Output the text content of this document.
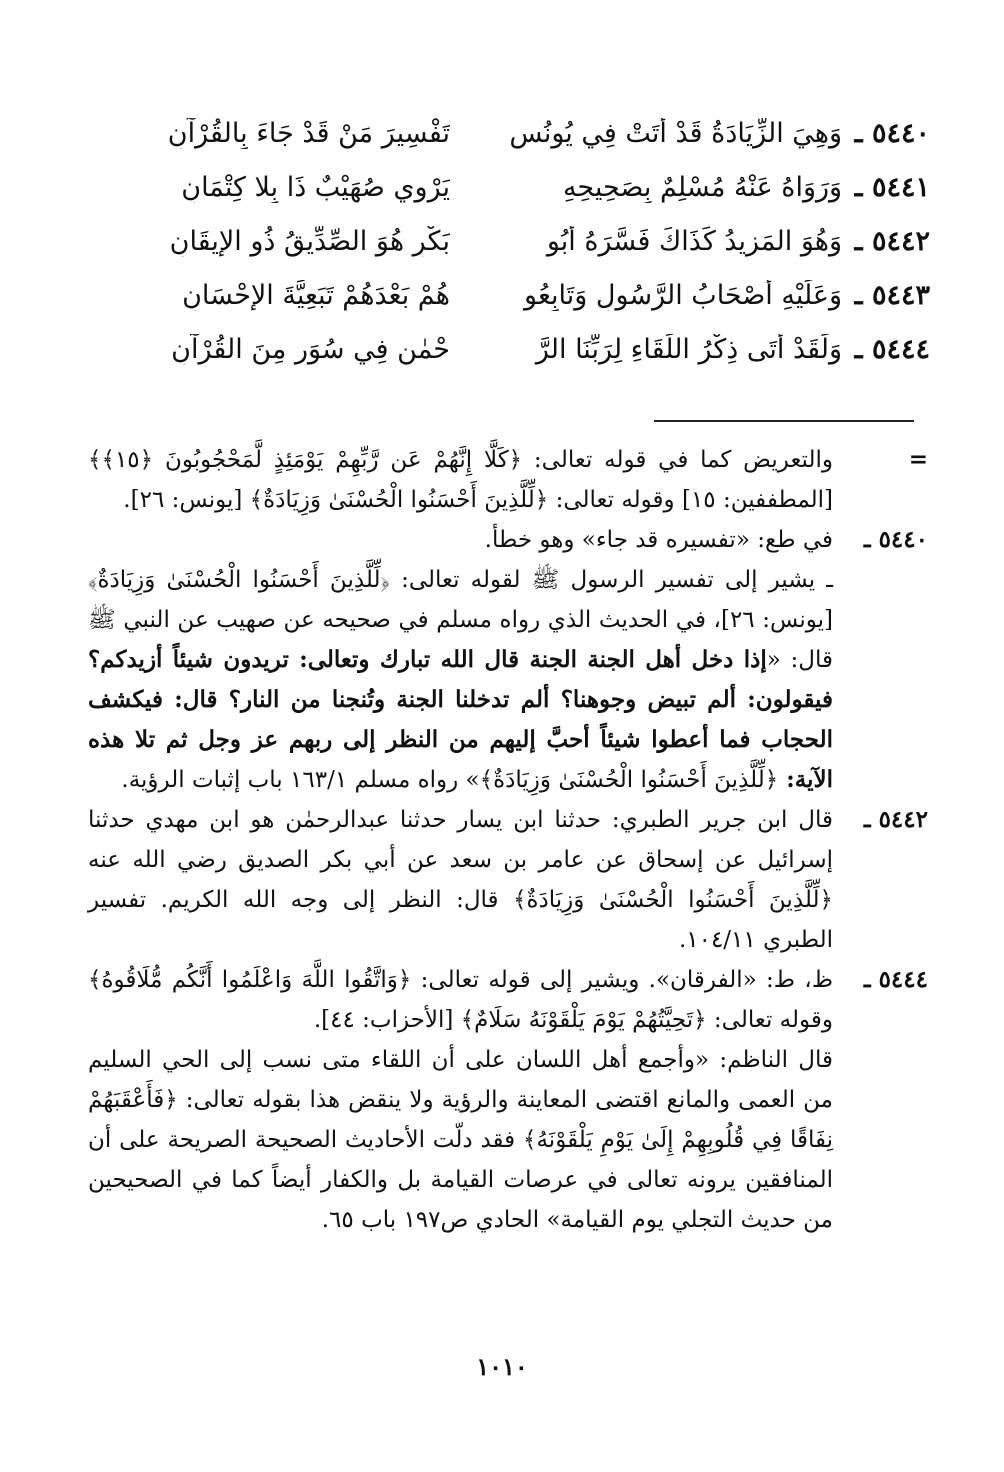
٥٤٤٠ ـ وَهِيَ الزِّيَادَةُ قَدْ أَتَتْ فِي يُونُسٍ
تَفْسِيرَ مَنْ قَدْ جَاءَ بِالقُرْآنِ
٥٤٤١ ـ وَرَوَاهُ عَنْهُ مُسْلِمٌ بِصَحِيحِهِ
يَرْوِي صُهَيْبٌ ذَا بِلا كِتْمَانِ
٥٤٤٢ ـ وَهُوَ المَزِيدُ كَذَاكَ فَسَّرَهُ أَبُو
بَكْرٍ هُوَ الصِّدِّيقُ ذُو الإِيقَانِ
٥٤٤٣ ـ وَعَلَيْهِ أَصْحَابُ الرَّسُولِ وَتَابِعُو
هُمْ بَعْدَهُمْ تَبَعِيَّةَ الإِحْسَانِ
٥٤٤٤ ـ وَلَقَدْ أَتَى ذِكْرُ اللِّقَاءِ لِرَبِّنَا الرَّ
حْمٰنِ فِي سُوَرٍ مِنَ القُرْآنِ
=

والتعريض كما في قوله تعالى: ﴿كَلَّا إِنَّهُمْ عَن رَّبِّهِمْ يَوْمَئِذٍ لَّمَحْجُوبُونَ ﴿١٥﴾﴾ [المطففين: ١٥] وقوله تعالى: ﴿لِّلَّذِينَ أَحْسَنُوا الْحُسْنَىٰ وَزِيَادَةٌ﴾ [يونس: ٢٦].

٥٤٤٠ ـ

في طع: «تفسيره قد جاء» وهو خطأ.

ـ يشير إلى تفسير الرسول ﷺ لقوله تعالى: ﴿لِّلَّذِينَ أَحْسَنُوا الْحُسْنَىٰ وَزِيَادَةٌ﴾ [يونس: ٢٦]، في الحديث الذي رواه مسلم في صحيحه عن صهيب عن النبي ﷺ قال: «إذا دخل أهل الجنة الجنة قال الله تبارك وتعالى: تريدون شيئاً أزيدكم؟ فيقولون: ألم تبيض وجوهنا؟ ألم تدخلنا الجنة وتُنجنا من النار؟ قال: فيكشف الحجاب فما أعطوا شيئاً أحبَّ إليهم من النظر إلى ربهم عز وجل ثم تلا هذه الآية: ﴿لِّلَّذِينَ أَحْسَنُوا الْحُسْنَىٰ وَزِيَادَةٌ﴾» رواه مسلم ١٦٣/١ باب إثبات الرؤية.

٥٤٤٢ ـ

قال ابن جرير الطبري: حدثنا ابن يسار حدثنا عبدالرحمٰن هو ابن مهدي حدثنا إسرائيل عن إسحاق عن عامر بن سعد عن أبي بكر الصديق رضي الله عنه ﴿لِّلَّذِينَ أَحْسَنُوا الْحُسْنَىٰ وَزِيَادَةٌ﴾ قال: النظر إلى وجه الله الكريم. تفسير الطبري ١٠٤/١١.

٥٤٤٤ ـ

ظ، ط: «الفرقان». ويشير إلى قوله تعالى: ﴿وَاتَّقُوا اللَّهَ وَاعْلَمُوا أَنَّكُم مُّلَاقُوهُ﴾ وقوله تعالى: ﴿تَحِيَّتُهُمْ يَوْمَ يَلْقَوْنَهُ سَلَامٌ﴾ [الأحزاب: ٤٤].

قال الناظم: «وأجمع أهل اللسان على أن اللقاء متى نسب إلى الحي السليم من العمى والمانع اقتضى المعاينة والرؤية ولا ينقض هذا بقوله تعالى: ﴿فَأَعْقَبَهُمْ نِفَاقًا فِي قُلُوبِهِمْ إِلَىٰ يَوْمِ يَلْقَوْنَهُ﴾ فقد دلّت الأحاديث الصحيحة الصريحة على أن المنافقين يرونه تعالى في عرصات القيامة بل والكفار أيضاً كما في الصحيحين من حديث التجلي يوم القيامة» الحادي ص١٩٧ باب ٦٥.

١٠١٠
